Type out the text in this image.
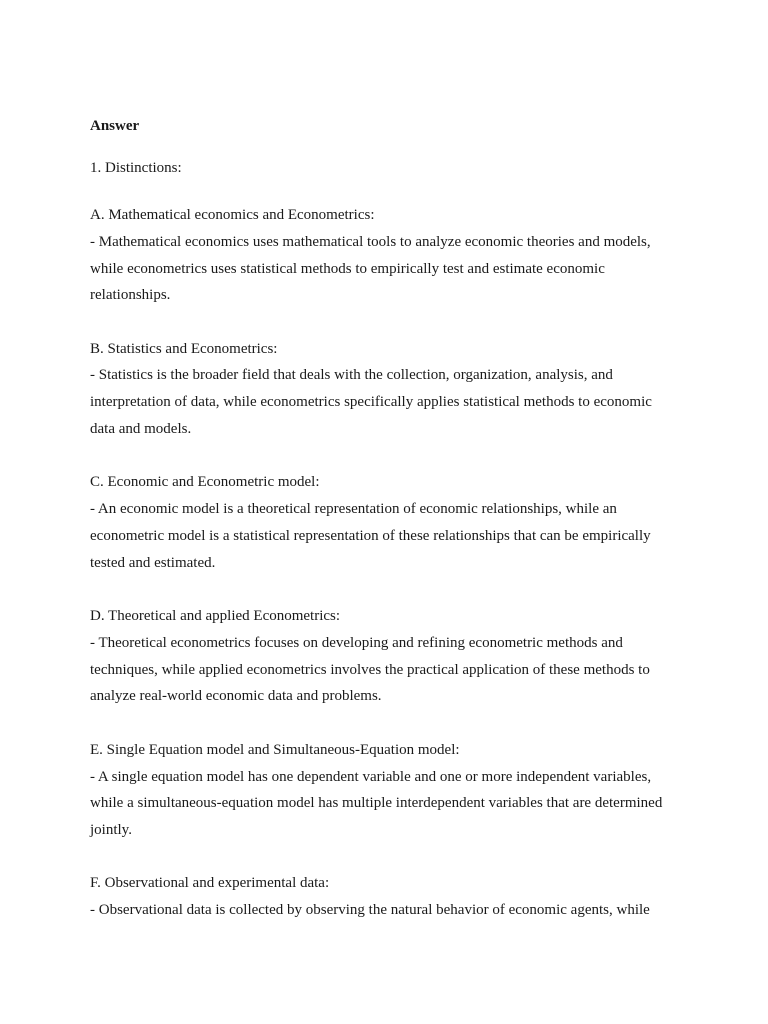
Answer
1. Distinctions:

A. Mathematical economics and Econometrics:

- Mathematical economics uses mathematical tools to analyze economic theories and models,

while econometrics uses statistical methods to empirically test and estimate economic

relationships.

B. Statistics and Econometrics:

- Statistics is the broader field that deals with the collection, organization, analysis, and

interpretation of data, while econometrics specifically applies statistical methods to economic

data and models.

C. Economic and Econometric model:

- An economic model is a theoretical representation of economic relationships, while an

econometric model is a statistical representation of these relationships that can be empirically

tested and estimated.

D. Theoretical and applied Econometrics:

- Theoretical econometrics focuses on developing and refining econometric methods and

techniques, while applied econometrics involves the practical application of these methods to

analyze real-world economic data and problems.

E. Single Equation model and Simultaneous-Equation model:

- A single equation model has one dependent variable and one or more independent variables,

while a simultaneous-equation model has multiple interdependent variables that are determined

jointly.

F. Observational and experimental data:

- Observational data is collected by observing the natural behavior of economic agents, while
